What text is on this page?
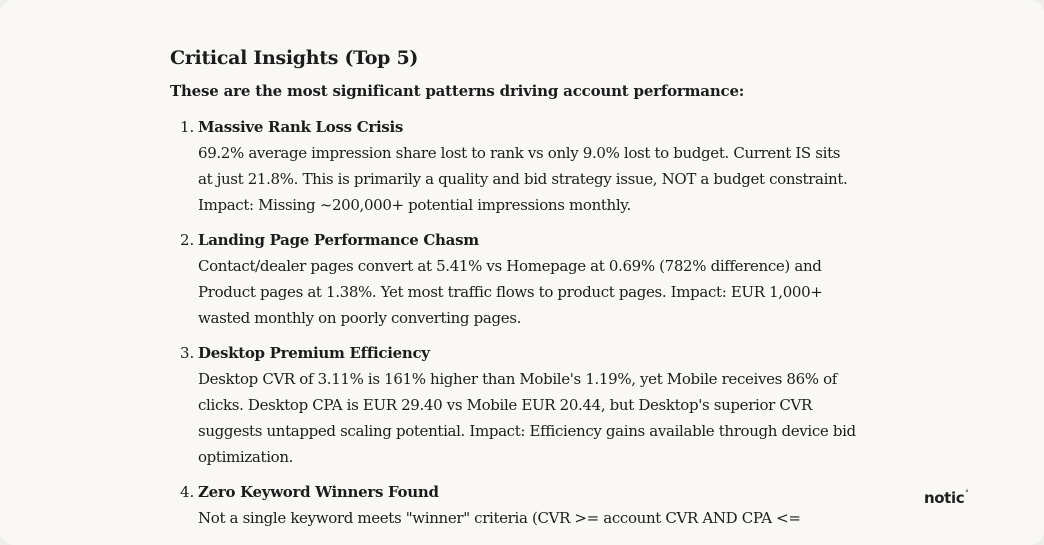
Critical Insights (Top 5)
These are the most significant patterns driving account performance:
1. Massive Rank Loss Crisis
69.2% average impression share lost to rank vs only 9.0% lost to budget. Current IS sits at just 21.8%. This is primarily a quality and bid strategy issue, NOT a budget constraint. Impact: Missing ~200,000+ potential impressions monthly.
2. Landing Page Performance Chasm
Contact/dealer pages convert at 5.41% vs Homepage at 0.69% (782% difference) and Product pages at 1.38%. Yet most traffic flows to product pages. Impact: EUR 1,000+ wasted monthly on poorly converting pages.
3. Desktop Premium Efficiency
Desktop CVR of 3.11% is 161% higher than Mobile's 1.19%, yet Mobile receives 86% of clicks. Desktop CPA is EUR 29.40 vs Mobile EUR 20.44, but Desktop's superior CVR suggests untapped scaling potential. Impact: Efficiency gains available through device bid optimization.
4. Zero Keyword Winners Found
Not a single keyword meets "winner" criteria (CVR >= account CVR AND CPA <=
notic°
